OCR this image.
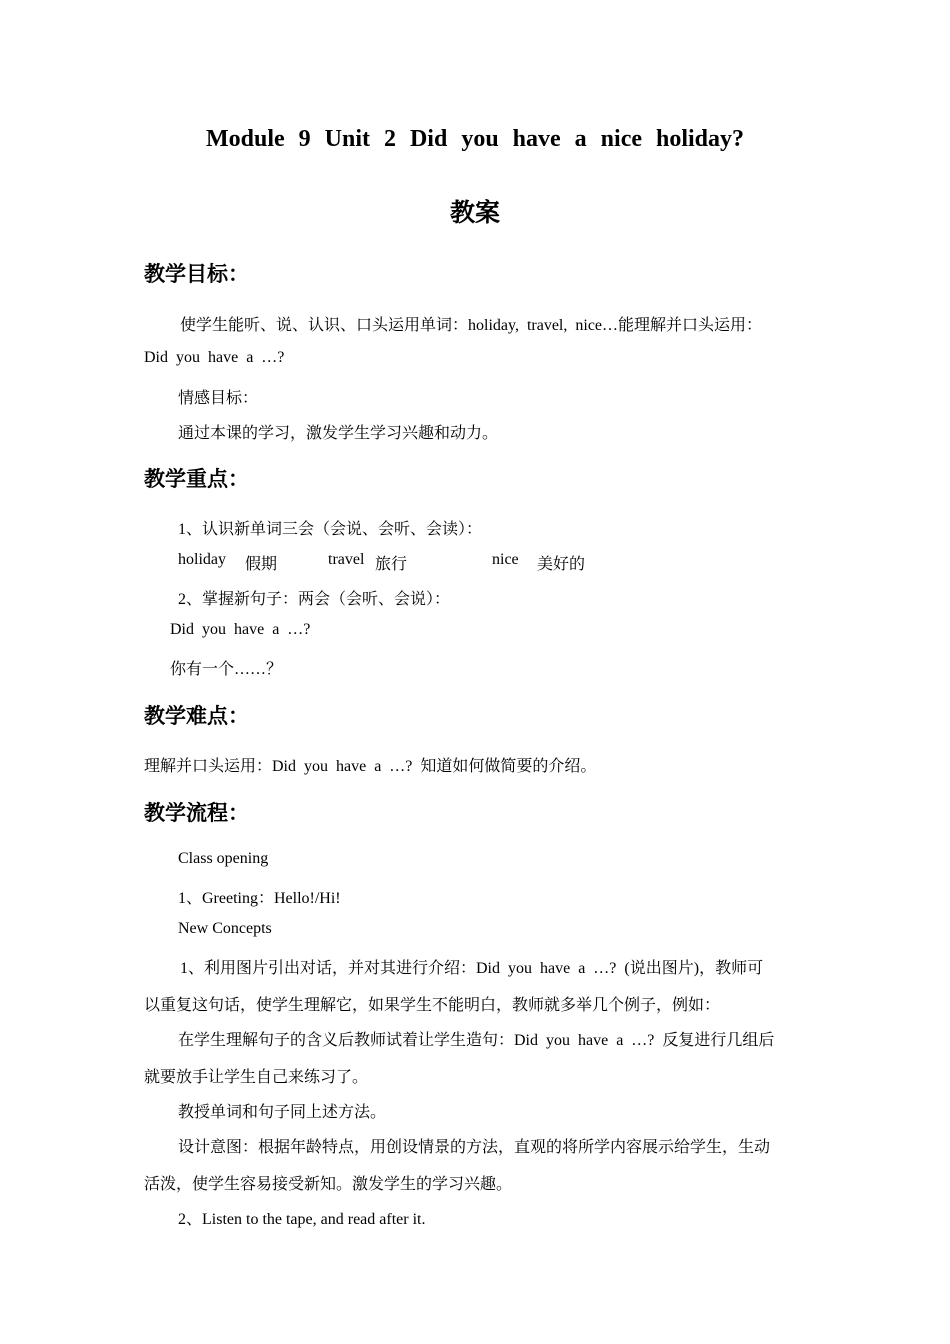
Module 9 Unit 2 Did you have a nice holiday?
教案
教学目标：
使学生能听、说、认识、口头运用单词：holiday, travel, nice…能理解并口头运用：
Did you have a …?
情感目标：
通过本课的学习，激发学生学习兴趣和动力。
教学重点：
1、认识新单词三会（会说、会听、会读）：
holiday 假期	travel 旅行	nice 美好的
2、掌握新句子：两会（会听、会说）：
Did you have a …?
你有一个……？
教学难点：
理解并口头运用：Did you have a …? 知道如何做简要的介绍。
教学流程：
Class opening
1、Greeting：Hello!/Hi!
New Concepts
1、利用图片引出对话，并对其进行介绍：Did you have a …? (说出图片)，教师可
以重复这句话，使学生理解它，如果学生不能明白，教师就多举几个例子，例如：
在学生理解句子的含义后教师试着让学生造句：Did you have a …? 反复进行几组后
就要放手让学生自己来练习了。
教授单词和句子同上述方法。
设计意图：根据年龄特点，用创设情景的方法，直观的将所学内容展示给学生，生动
活泼，使学生容易接受新知。激发学生的学习兴趣。
2、Listen to the tape, and read after it.
